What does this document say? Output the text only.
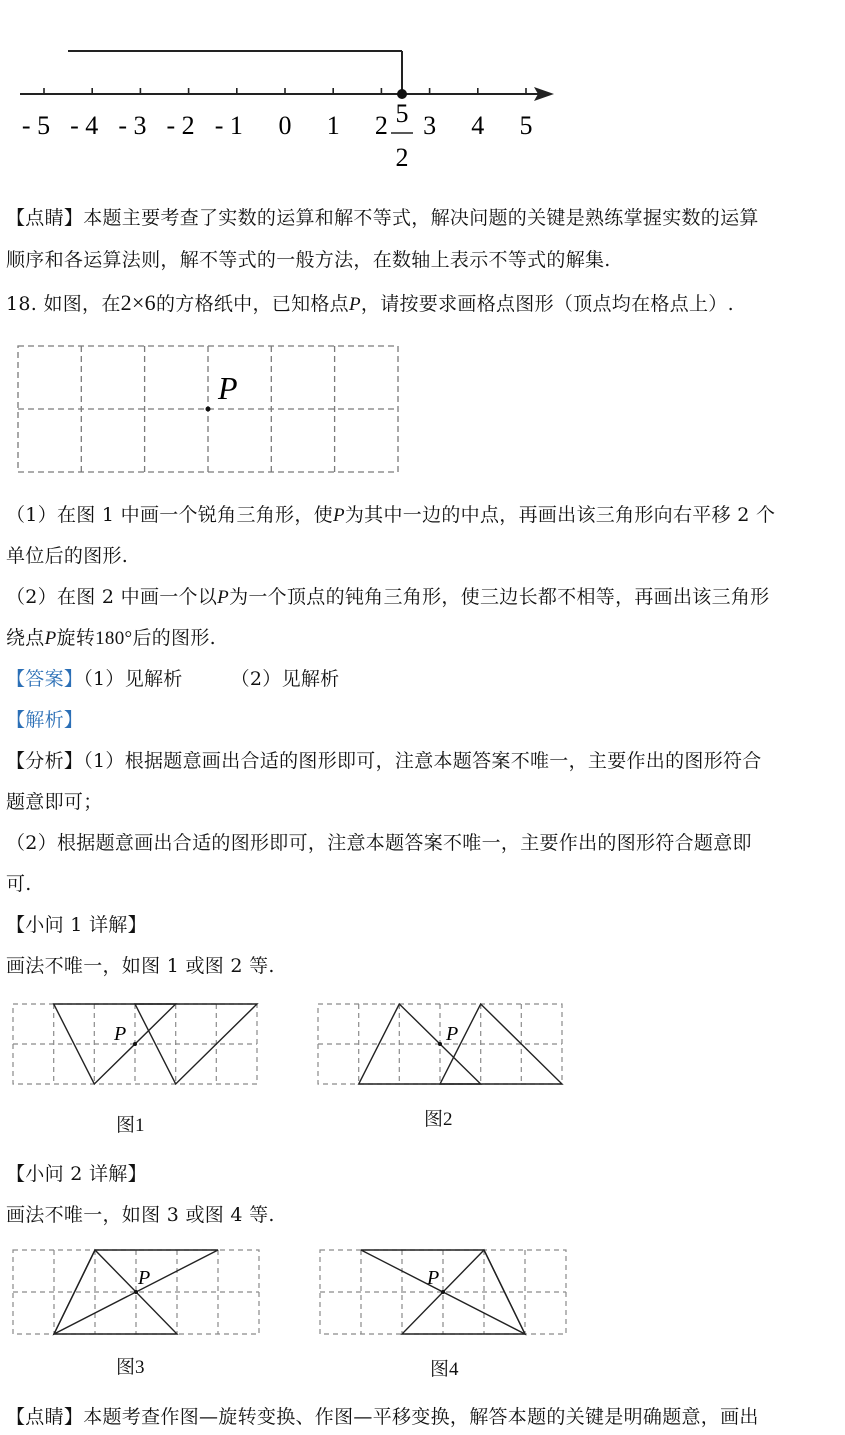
- 5 - 4 - 3 - 2 - 1 0 1 2 3 4 5
5
2
【点睛】本题主要考查了实数的运算和解不等式，解决问题的关键是熟练掌握实数的运算
顺序和各运算法则，解不等式的一般方法，在数轴上表示不等式的解集.
18. 如图，在2×6的方格纸中，已知格点P，请按要求画格点图形（顶点均在格点上）.
P
（1）在图 1 中画一个锐角三角形，使P为其中一边的中点，再画出该三角形向右平移 2 个
单位后的图形.
（2）在图 2 中画一个以P为一个顶点的钝角三角形，使三边长都不相等，再画出该三角形
绕点P旋转180°后的图形.
【答案】（1）见解析	（2）见解析
【解析】
【分析】（1）根据题意画出合适的图形即可，注意本题答案不唯一，主要作出的图形符合
题意即可；
（2）根据题意画出合适的图形即可，注意本题答案不唯一，主要作出的图形符合题意即
可.
【小问 1 详解】
画法不唯一，如图 1 或图 2 等.
P
图1
P
图2
【小问 2 详解】
画法不唯一，如图 3 或图 4 等.
P
图3
P
图4
【点睛】本题考查作图—旋转变换、作图—平移变换，解答本题的关键是明确题意，画出
